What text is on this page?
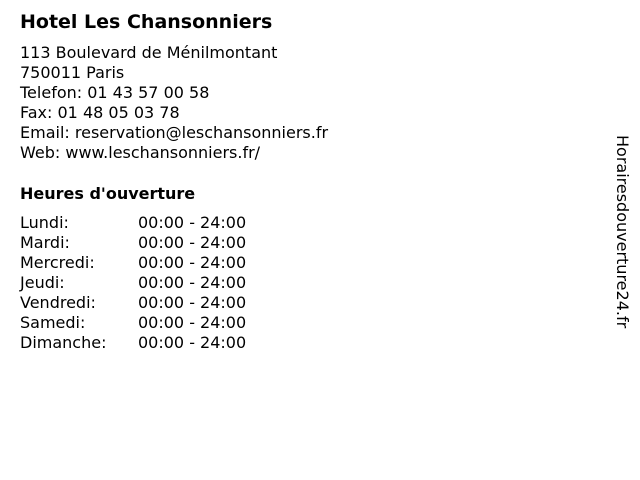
Hotel Les Chansonniers
113 Boulevard de Ménilmontant
750011 Paris
Telefon: 01 43 57 00 58
Fax: 01 48 05 03 78
Email: reservation@leschansonniers.fr
Web: www.leschansonniers.fr/
Heures d'ouverture
Lundi:	00:00 - 24:00
Mardi:	00:00 - 24:00
Mercredi:	00:00 - 24:00
Jeudi:	00:00 - 24:00
Vendredi:	00:00 - 24:00
Samedi:	00:00 - 24:00
Dimanche:	00:00 - 24:00
Horairesdouverture24.fr
